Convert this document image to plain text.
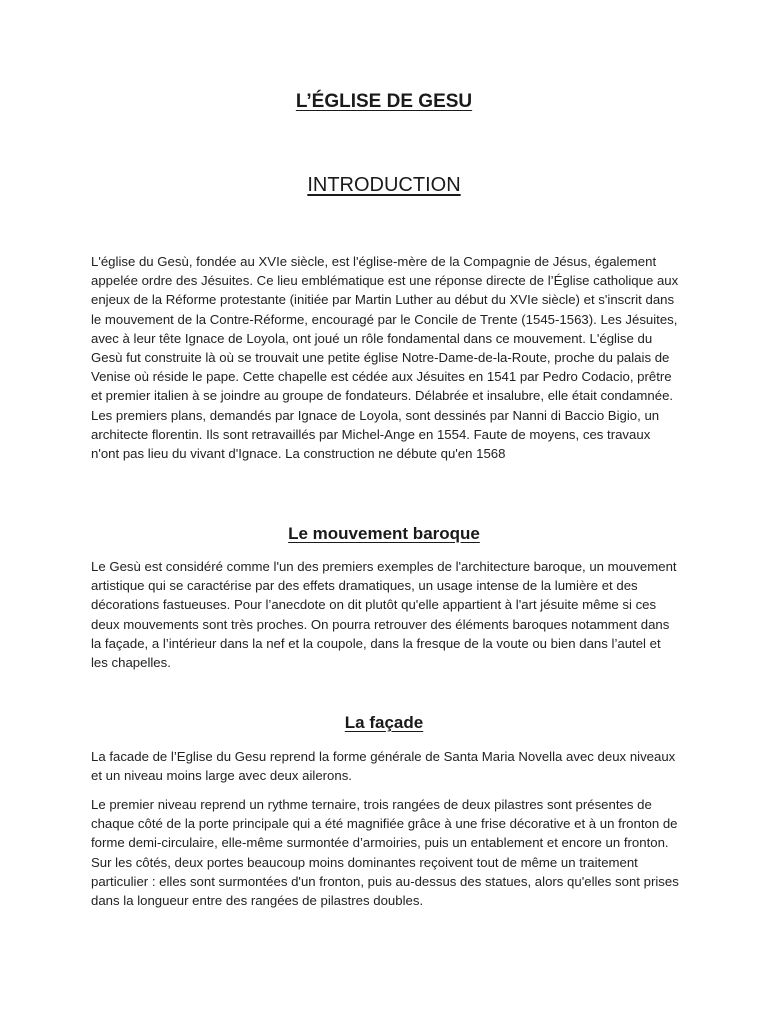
L’ÉGLISE DE GESU
INTRODUCTION

L'église du Gesù, fondée au XVIe siècle, est l'église-mère de la Compagnie de Jésus, également appelée ordre des Jésuites. Ce lieu emblématique est une réponse directe de l’Église catholique aux enjeux de la Réforme protestante (initiée par Martin Luther au début du XVIe siècle) et s'inscrit dans le mouvement de la Contre-Réforme, encouragé par le Concile de Trente (1545-1563). Les Jésuites, avec à leur tête Ignace de Loyola, ont joué un rôle fondamental dans ce mouvement. L'église du Gesù fut construite là où se trouvait une petite église Notre-Dame-de-la-Route, proche du palais de Venise où réside le pape. Cette chapelle est cédée aux Jésuites en 1541 par Pedro Codacio, prêtre et premier italien à se joindre au groupe de fondateurs. Délabrée et insalubre, elle était condamnée. Les premiers plans, demandés par Ignace de Loyola, sont dessinés par Nanni di Baccio Bigio, un architecte florentin. Ils sont retravaillés par Michel-Ange en 1554. Faute de moyens, ces travaux n'ont pas lieu du vivant d'Ignace. La construction ne débute qu'en 1568

Le mouvement baroque

Le Gesù est considéré comme l'un des premiers exemples de l'architecture baroque, un mouvement artistique qui se caractérise par des effets dramatiques, un usage intense de la lumière et des décorations fastueuses. Pour l’anecdote on dit plutôt qu'elle appartient à l'art jésuite même si ces deux mouvements sont très proches. On pourra retrouver des éléments baroques notamment dans la façade, a l’intérieur dans la nef et la coupole, dans la fresque de la voute ou bien dans l’autel et les chapelles.

La façade

La facade de l’Eglise du Gesu reprend la forme générale de Santa Maria Novella avec deux niveaux et un niveau moins large avec deux ailerons.

Le premier niveau reprend un rythme ternaire, trois rangées de deux pilastres sont présentes de chaque côté de la porte principale qui a été magnifiée grâce à une frise décorative et à un fronton de forme demi-circulaire, elle-même surmontée d’armoiries, puis un entablement et encore un fronton. Sur les côtés, deux portes beaucoup moins dominantes reçoivent tout de même un traitement particulier : elles sont surmontées d'un fronton, puis au-dessus des statues, alors qu'elles sont prises dans la longueur entre des rangées de pilastres doubles.
